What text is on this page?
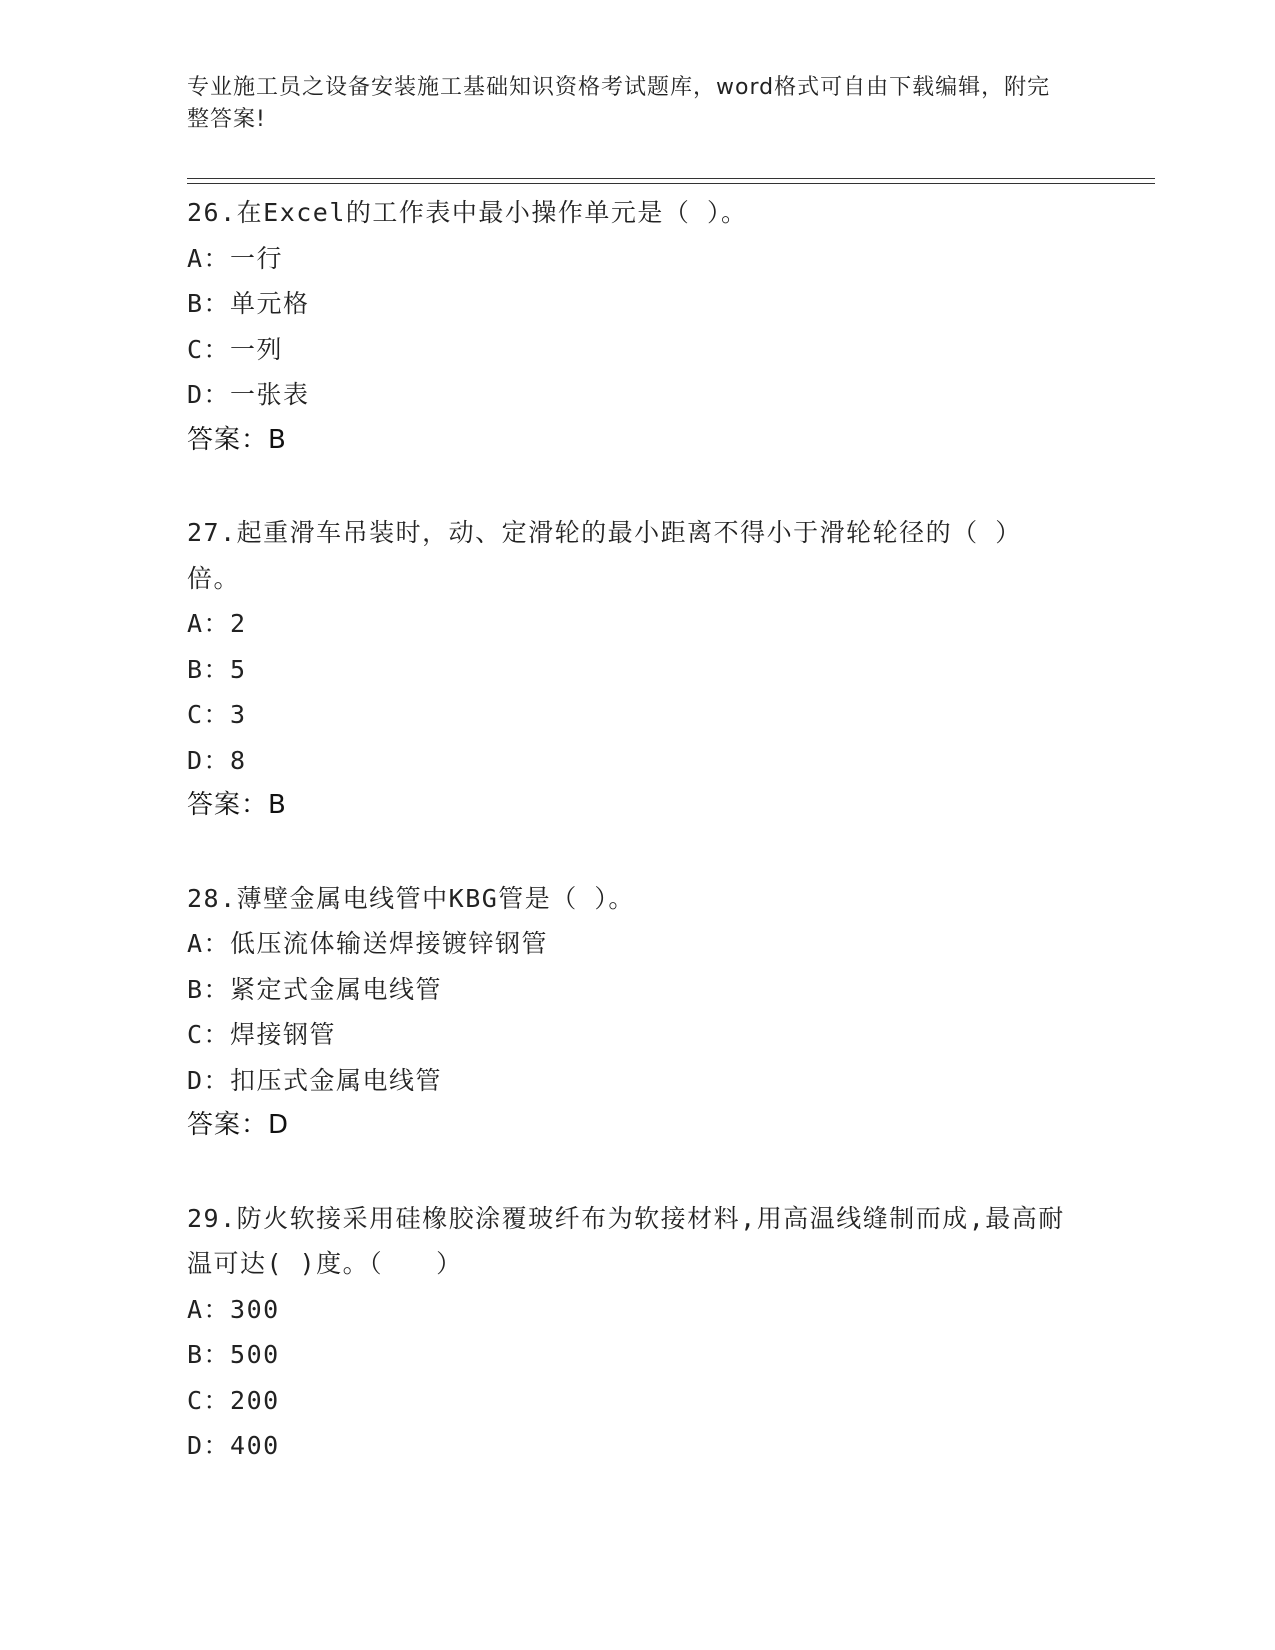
专业施工员之设备安装施工基础知识资格考试题库，word格式可自由下载编辑，附完整答案!

26.在Excel的工作表中最小操作单元是（ ）。

A：一行

B：单元格

C：一列

D：一张表

答案：B

27.起重滑车吊装时，动、定滑轮的最小距离不得小于滑轮轮径的（ ）倍。

A：2

B：5

C：3

D：8

答案：B

28.薄壁金属电线管中KBG管是（ ）。

A：低压流体输送焊接镀锌钢管

B：紧定式金属电线管

C：焊接钢管

D：扣压式金属电线管

答案：D

29.防火软接采用硅橡胶涂覆玻纤布为软接材料,用高温线缝制而成,最高耐温可达( )度。（　　）

A：300

B：500

C：200

D：400
